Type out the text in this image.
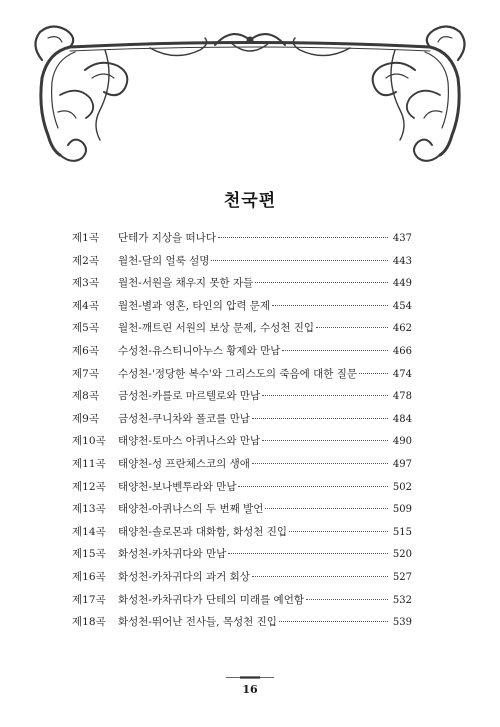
천국편
제1곡	단테가 지상을 떠나다	437
제2곡	월천-달의 얼룩 설명	443
제3곡	월천-서원을 채우지 못한 자들	449
제4곡	월천-별과 영혼, 타인의 압력 문제	454
제5곡	월천-깨트린 서원의 보상 문제, 수성천 진입	462
제6곡	수성천-유스티니아누스 황제와 만남	466
제7곡	수성천-'정당한 복수'와 그리스도의 죽음에 대한 질문	474
제8곡	금성천-카를로 마르텔로와 만남	478
제9곡	금성천-쿠니차와 폴코를 만남	484
제10곡	태양천-토마스 아퀴나스와 만남	490
제11곡	태양천-성 프란체스코의 생애	497
제12곡	태양천-보나벤투라와 만남	502
제13곡	태양천-아퀴나스의 두 번째 발언	509
제14곡	태양천-솔로몬과 대화함, 화성천 진입	515
제15곡	화성천-카차귀다와 만남	520
제16곡	화성천-카차귀다의 과거 회상	527
제17곡	화성천-카차귀다가 단테의 미래를 예언함	532
제18곡	화성천-뛰어난 전사들, 목성천 진입	539
16
